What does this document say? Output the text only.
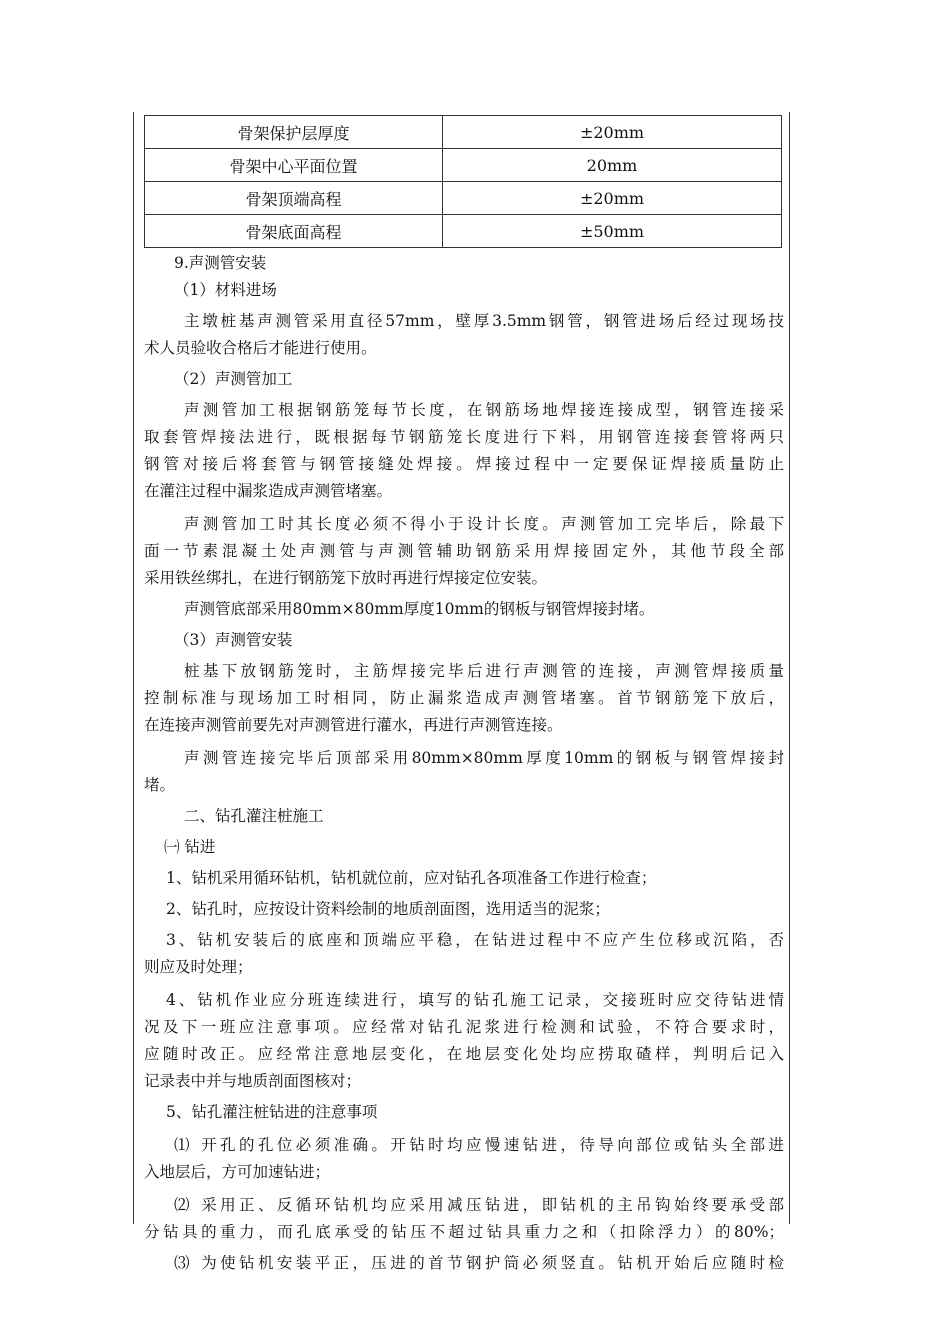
骨架保护层厚度	±20mm
骨架中心平面位置	20mm
骨架顶端高程	±20mm
骨架底面高程	±50mm
9.声测管安装
（1）材料进场
主墩桩基声测管采用直径57mm，壁厚3.5mm钢管，钢管进场后经过现场技
术人员验收合格后才能进行使用。
（2）声测管加工
声测管加工根据钢筋笼每节长度，在钢筋场地焊接连接成型，钢管连接采
取套管焊接法进行，既根据每节钢筋笼长度进行下料，用钢管连接套管将两只
钢管对接后将套管与钢管接缝处焊接。焊接过程中一定要保证焊接质量防止
在灌注过程中漏浆造成声测管堵塞。
声测管加工时其长度必须不得小于设计长度。声测管加工完毕后，除最下
面一节素混凝土处声测管与声测管辅助钢筋采用焊接固定外，其他节段全部
采用铁丝绑扎，在进行钢筋笼下放时再进行焊接定位安装。
声测管底部采用80mm×80mm厚度10mm的钢板与钢管焊接封堵。
（3）声测管安装
桩基下放钢筋笼时，主筋焊接完毕后进行声测管的连接，声测管焊接质量
控制标准与现场加工时相同，防止漏浆造成声测管堵塞。首节钢筋笼下放后，
在连接声测管前要先对声测管进行灌水，再进行声测管连接。
声测管连接完毕后顶部采用80mm×80mm厚度10mm的钢板与钢管焊接封
堵。
二、钻孔灌注桩施工
㈠ 钻进
1、钻机采用循环钻机，钻机就位前，应对钻孔各项准备工作进行检查；
2、钻孔时，应按设计资料绘制的地质剖面图，选用适当的泥浆；
3、钻机安装后的底座和顶端应平稳，在钻进过程中不应产生位移或沉陷，否
则应及时处理；
4、钻机作业应分班连续进行，填写的钻孔施工记录，交接班时应交待钻进情
况及下一班应注意事项。应经常对钻孔泥浆进行检测和试验，不符合要求时，
应随时改正。应经常注意地层变化，在地层变化处均应捞取碴样，判明后记入
记录表中并与地质剖面图核对；
5、钻孔灌注桩钻进的注意事项
⑴ 开孔的孔位必须准确。开钻时均应慢速钻进，待导向部位或钻头全部进
入地层后，方可加速钻进；
⑵ 采用正、反循环钻机均应采用减压钻进，即钻机的主吊钩始终要承受部
分钻具的重力，而孔底承受的钻压不超过钻具重力之和（扣除浮力）的80%；
⑶ 为使钻机安装平正，压进的首节钢护筒必须竖直。钻机开始后应随时检
